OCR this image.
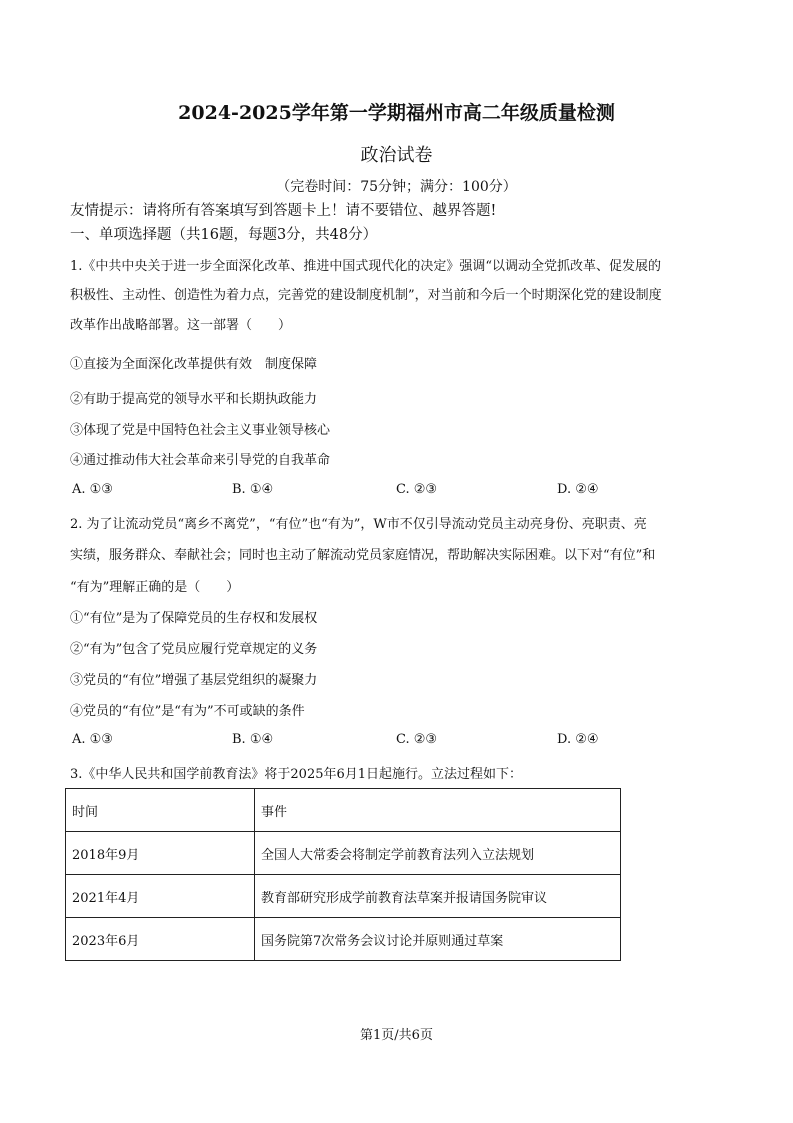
2024-2025学年第一学期福州市高二年级质量检测
政治试卷
（完卷时间：75分钟；满分：100分）
友情提示：请将所有答案填写到答题卡上！请不要错位、越界答题!
一、单项选择题（共16题，每题3分，共48分）
1.《中共中央关于进一步全面深化改革、推进中国式现代化的决定》强调“以调动全党抓改革、促发展的
积极性、主动性、创造性为着力点，完善党的建设制度机制”，对当前和今后一个时期深化党的建设制度
改革作出战略部署。这一部署（　　）
①直接为全面深化改革提供有效　制度保障
②有助于提高党的领导水平和长期执政能力
③体现了党是中国特色社会主义事业领导核心
④通过推动伟大社会革命来引导党的自我革命
A. ①③	B. ①④	C. ②③	D. ②④
2. 为了让流动党员“离乡不离党”，“有位”也“有为”，W市不仅引导流动党员主动亮身份、亮职责、亮
实绩，服务群众、奉献社会；同时也主动了解流动党员家庭情况，帮助解决实际困难。以下对“有位”和
“有为”理解正确的是（　　）
①“有位”是为了保障党员的生存权和发展权
②“有为”包含了党员应履行党章规定的义务
③党员的“有位”增强了基层党组织的凝聚力
④党员的“有位”是“有为”不可或缺的条件
A. ①③	B. ①④	C. ②③	D. ②④
3.《中华人民共和国学前教育法》将于2025年6月1日起施行。立法过程如下：
时间	事件
2018年9月	全国人大常委会将制定学前教育法列入立法规划
2021年4月	教育部研究形成学前教育法草案并报请国务院审议
2023年6月	国务院第7次常务会议讨论并原则通过草案
第1页/共6页
